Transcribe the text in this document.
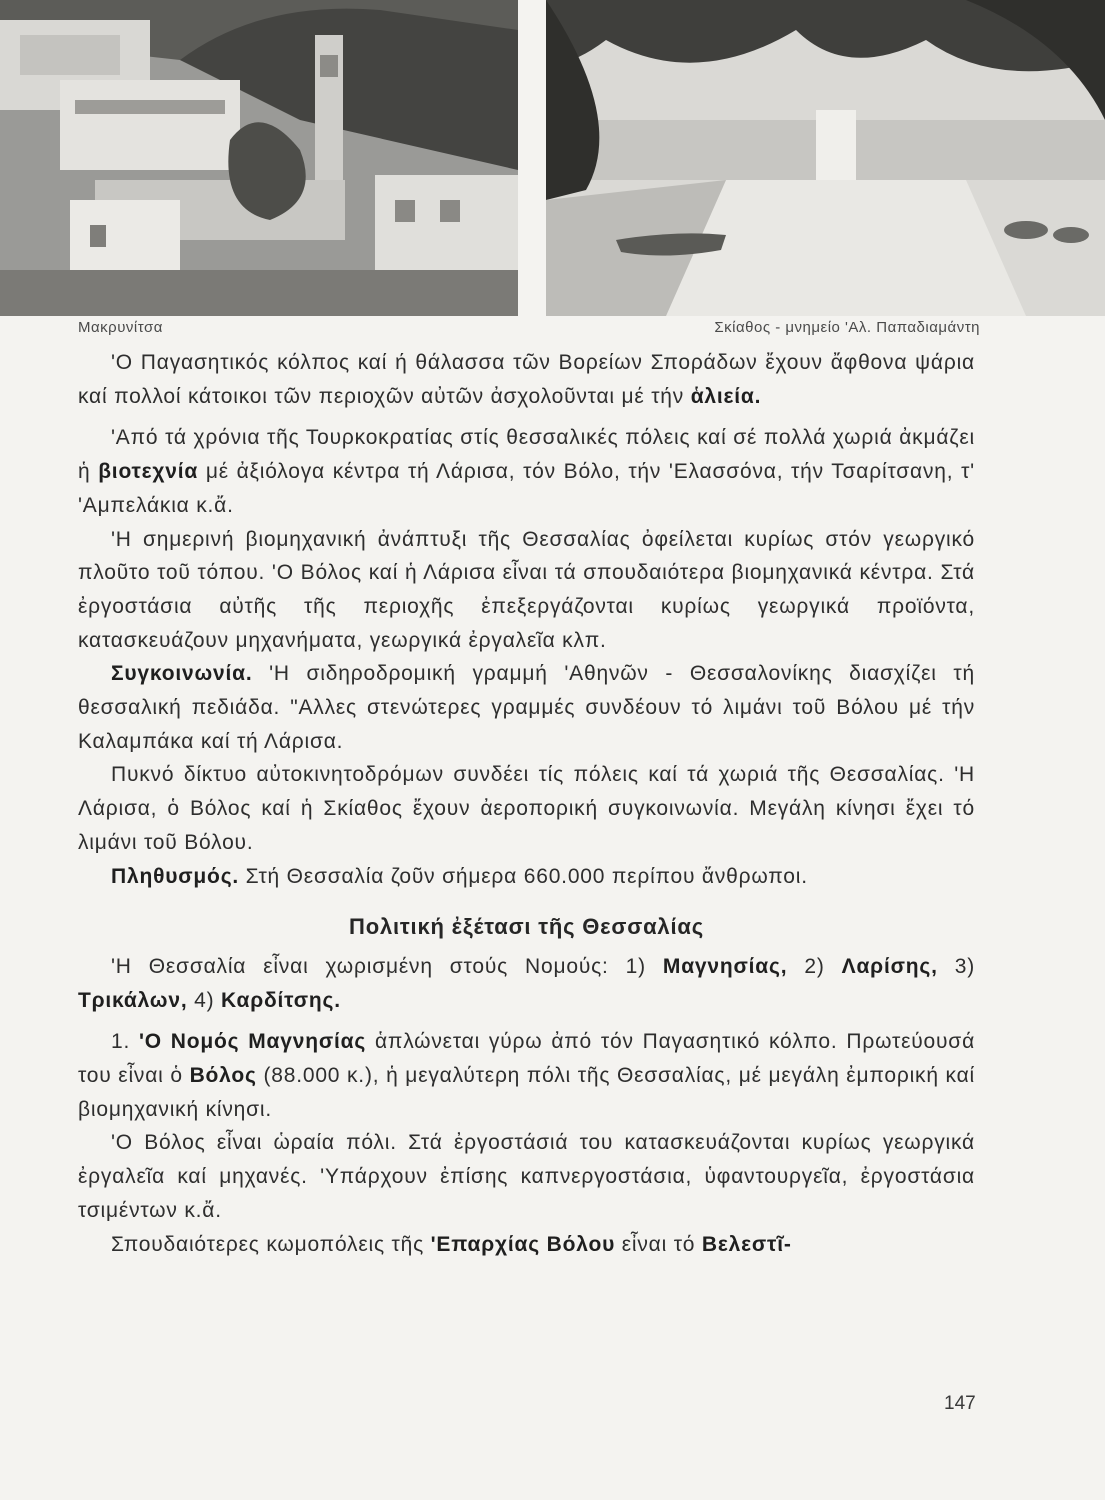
Μακρυνίτσα	Σκίαθος - μνημείο 'Αλ. Παπαδιαμάντη

'Ο Παγασητικός κόλπος καί ή θάλασσα τῶν Βορείων Σποράδων ἔχουν ἄφθονα ψάρια καί πολλοί κάτοικοι τῶν περιοχῶν αὐτῶν ἀσχολοῦνται μέ τήν ἁλιεία.

'Από τά χρόνια τῆς Τουρκοκρατίας στίς θεσσαλικές πόλεις καί σέ πολλά χωριά ἀκμάζει ἡ βιοτεχνία μέ ἀξιόλογα κέντρα τή Λάρισα, τόν Βόλο, τήν 'Ελασσόνα, τήν Τσαρίτσανη, τ' 'Αμπελάκια κ.ἄ.

'Η σημερινή βιομηχανική ἀνάπτυξι τῆς Θεσσαλίας ὀφείλεται κυρίως στόν γεωργικό πλοῦτο τοῦ τόπου. 'Ο Βόλος καί ἡ Λάρισα εἶναι τά σπουδαιότερα βιομηχανικά κέντρα. Στά ἐργοστάσια αὐτῆς τῆς περιοχῆς ἐπεξεργάζονται κυρίως γεωργικά προϊόντα, κατασκευάζουν μηχανήματα, γεωργικά ἐργαλεῖα κλπ.

Συγκοινωνία. 'Η σιδηροδρομική γραμμή 'Αθηνῶν - Θεσσαλονίκης διασχίζει τή θεσσαλική πεδιάδα. "Αλλες στενώτερες γραμμές συνδέουν τό λιμάνι τοῦ Βόλου μέ τήν Καλαμπάκα καί τή Λάρισα.

Πυκνό δίκτυο αὐτοκινητοδρόμων συνδέει τίς πόλεις καί τά χωριά τῆς Θεσσαλίας. 'Η Λάρισα, ὁ Βόλος καί ἡ Σκίαθος ἔχουν ἀεροπορική συγκοινωνία. Μεγάλη κίνησι ἔχει τό λιμάνι τοῦ Βόλου.

Πληθυσμός. Στή Θεσσαλία ζοῦν σήμερα 660.000 περίπου ἄνθρωποι.

Πολιτική ἐξέτασι τῆς Θεσσαλίας

'Η Θεσσαλία εἶναι χωρισμένη στούς Νομούς: 1) Μαγνησίας, 2) Λαρίσης, 3) Τρικάλων, 4) Καρδίτσης.

1. 'Ο Νομός Μαγνησίας ἁπλώνεται γύρω ἀπό τόν Παγασητικό κόλπο. Πρωτεύουσά του εἶναι ὁ Βόλος (88.000 κ.), ἡ μεγαλύτερη πόλι τῆς Θεσσαλίας, μέ μεγάλη ἐμπορική καί βιομηχανική κίνησι.

'Ο Βόλος εἶναι ὡραία πόλι. Στά ἐργοστάσιά του κατασκευάζονται κυρίως γεωργικά ἐργαλεῖα καί μηχανές. 'Υπάρχουν ἐπίσης καπνεργοστάσια, ὑφαντουργεῖα, ἐργοστάσια τσιμέντων κ.ἄ.

Σπουδαιότερες κωμοπόλεις τῆς 'Επαρχίας Βόλου εἶναι τό Βελεστῖ-

147
